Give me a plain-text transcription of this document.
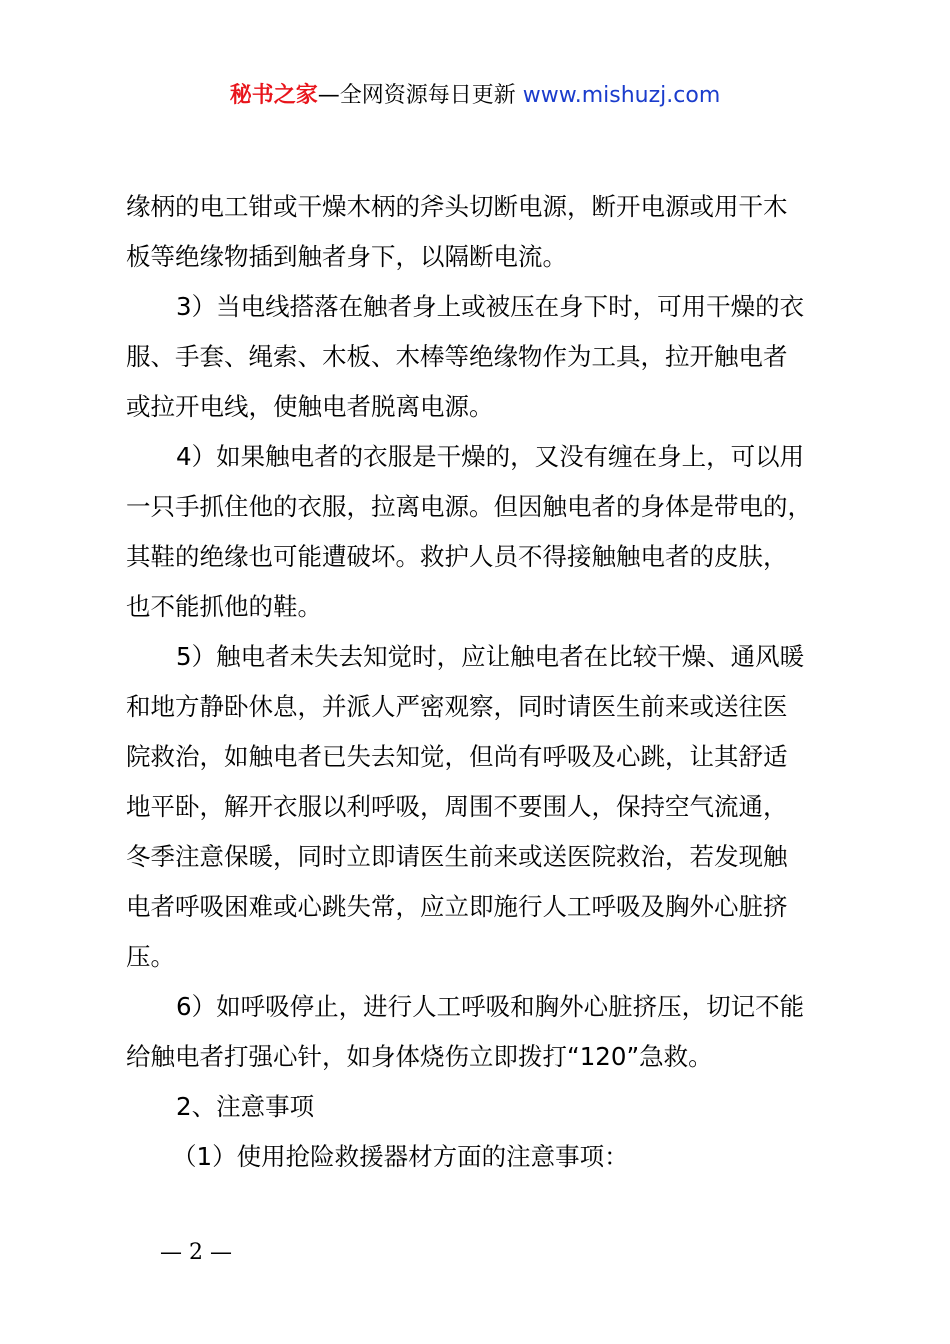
秘书之家—全网资源每日更新 www.mishuzj.com
缘柄的电工钳或干燥木柄的斧头切断电源，断开电源或用干木
板等绝缘物插到触者身下，以隔断电流。
3）当电线搭落在触者身上或被压在身下时，可用干燥的衣
服、手套、绳索、木板、木棒等绝缘物作为工具，拉开触电者
或拉开电线，使触电者脱离电源。
4）如果触电者的衣服是干燥的，又没有缠在身上，可以用
一只手抓住他的衣服，拉离电源。但因触电者的身体是带电的，
其鞋的绝缘也可能遭破坏。救护人员不得接触触电者的皮肤，
也不能抓他的鞋。
5）触电者未失去知觉时，应让触电者在比较干燥、通风暖
和地方静卧休息，并派人严密观察，同时请医生前来或送往医
院救治，如触电者已失去知觉，但尚有呼吸及心跳，让其舒适
地平卧，解开衣服以利呼吸，周围不要围人，保持空气流通，
冬季注意保暖，同时立即请医生前来或送医院救治，若发现触
电者呼吸困难或心跳失常，应立即施行人工呼吸及胸外心脏挤
压。
6）如呼吸停止，进行人工呼吸和胸外心脏挤压，切记不能
给触电者打强心针，如身体烧伤立即拨打“120”急救。
2、注意事项
（1）使用抢险救援器材方面的注意事项：
— 2 —
